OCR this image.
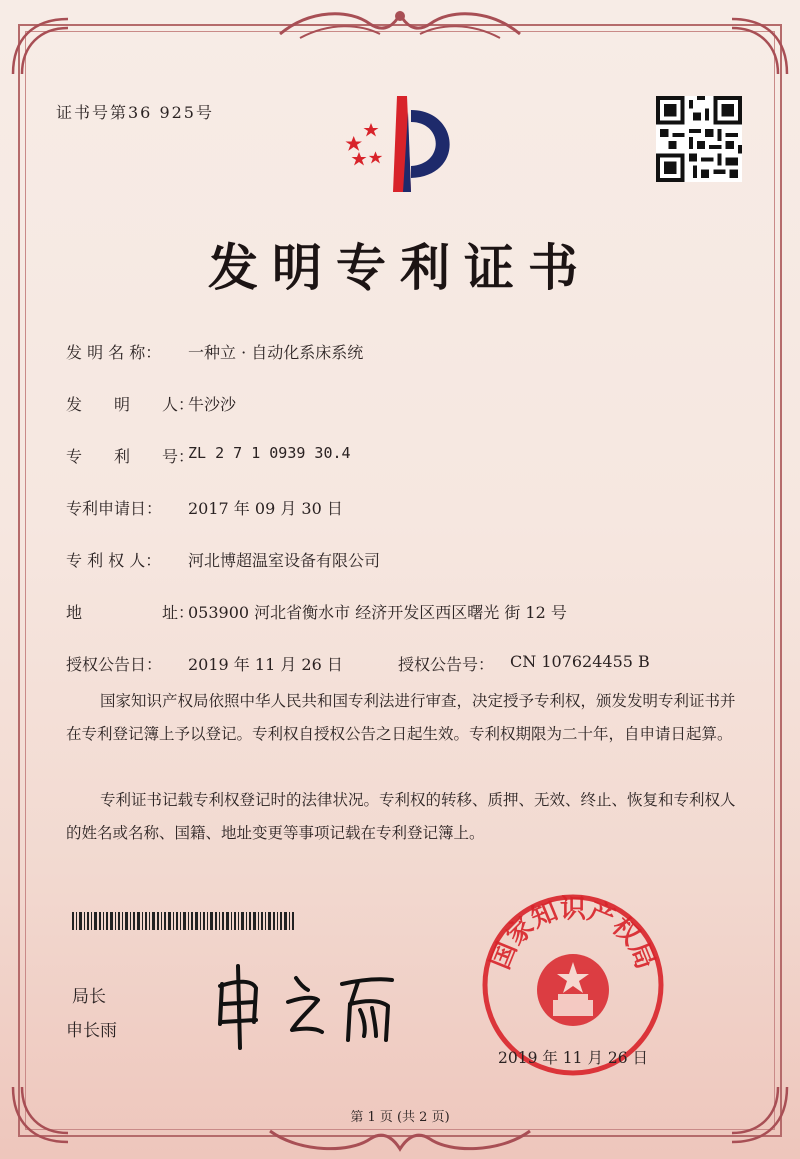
证书号第36 925号
发明专利证书
发 明 名 称： 一种立 · 自动化系床系统
发　　明　　人：
牛沙沙
专　　利　　号：
ZL 2 7 1 0939 30.4
专利申请日： 2017 年 09 月 30 日
专 利 权 人： 河北博超温室设备有限公司
地　　　　　址：
053900 河北省衡水市 经济开发区西区曙光 街 12 号
授权公告日： 2019 年 11 月 26 日	授权公告号： CN 107624455 B
国家知识产权局依照中华人民共和国专利法进行审查，决定授予专利权，颁发发明专利证书并在专利登记簿上予以登记。专利权自授权公告之日起生效。专利权期限为二十年，自申请日起算。
专利证书记载专利权登记时的法律状况。专利权的转移、质押、无效、终止、恢复和专利权人的姓名或名称、国籍、地址变更等事项记载在专利登记簿上。
局长
申长雨
国家知识产权局
2019 年 11 月 26 日
第 1 页 (共 2 页)
